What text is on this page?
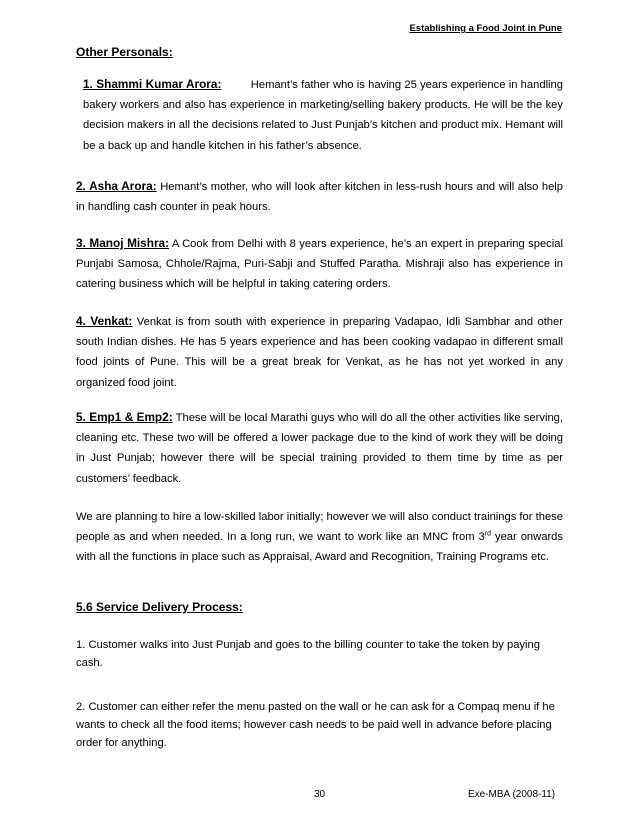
Establishing a Food Joint in Pune
Other Personals:

1. Shammi Kumar Arora:	Hemant’s father who is having 25 years experience in handling bakery workers and also has experience in marketing/selling bakery products. He will be the key decision makers in all the decisions related to Just Punjab’s kitchen and product mix. Hemant will be a back up and handle kitchen in his father’s absence.

2. Asha Arora: Hemant’s mother, who will look after kitchen in less-rush hours and will also help in handling cash counter in peak hours.

3. Manoj Mishra: A Cook from Delhi with 8 years experience, he’s an expert in preparing special Punjabi Samosa, Chhole/Rajma, Puri-Sabji and Stuffed Paratha. Mishraji also has experience in catering business which will be helpful in taking catering orders.

4. Venkat: Venkat is from south with experience in preparing Vadapao, Idli Sambhar and other south Indian dishes. He has 5 years experience and has been cooking vadapao in different small food joints of Pune. This will be a great break for Venkat, as he has not yet worked in any organized food joint.

5. Emp1 & Emp2: These will be local Marathi guys who will do all the other activities like serving, cleaning etc. These two will be offered a lower package due to the kind of work they will be doing in Just Punjab; however there will be special training provided to them time by time as per customers’ feedback.

We are planning to hire a low-skilled labor initially; however we will also conduct trainings for these people as and when needed. In a long run, we want to work like an MNC from 3rd year onwards with all the functions in place such as Appraisal, Award and Recognition, Training Programs etc.

5.6 Service Delivery Process:

1. Customer walks into Just Punjab and goes to the billing counter to take the token by paying cash.

2. Customer can either refer the menu pasted on the wall or he can ask for a Compaq menu if he wants to check all the food items; however cash needs to be paid well in advance before placing order for anything.

30	Exe-MBA (2008-11)
